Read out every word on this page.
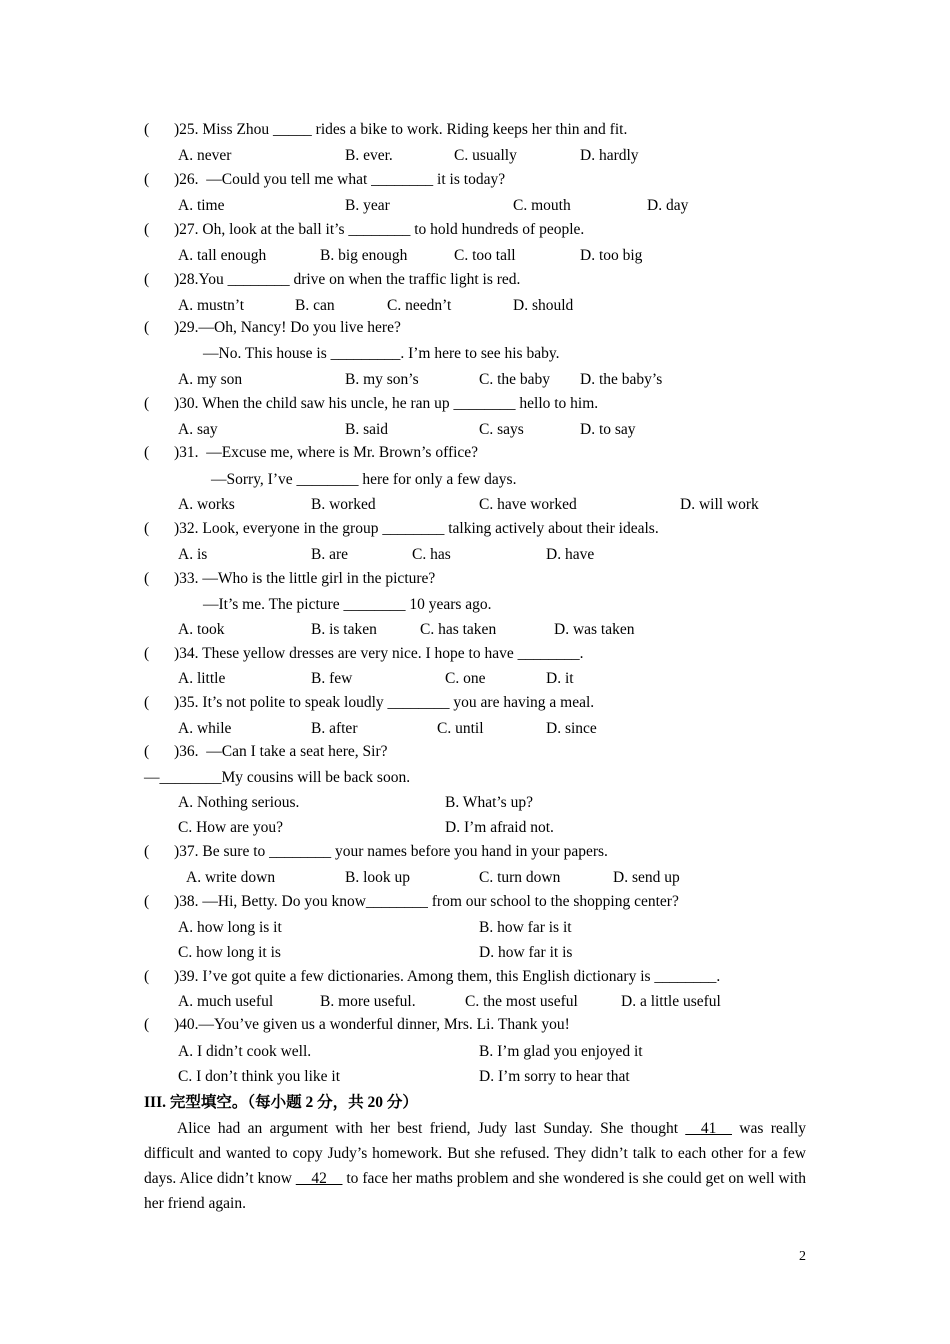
( )25. Miss Zhou _____ rides a bike to work. Riding keeps her thin and fit.
A. never	B. ever.	C. usually	D. hardly
( )26.  —Could you tell me what ________ it is today?
A. time	B. year	C. mouth	D. day
( )27. Oh, look at the ball it’s ________ to hold hundreds of people.
A. tall enough	B. big enough	C. too tall	D. too big
( )28.You ________ drive on when the traffic light is red.
A. mustn’t	B. can	C. needn’t	D. should
( )29.—Oh, Nancy! Do you live here?
—No. This house is _________. I’m here to see his baby.
A. my son	B. my son’s	C. the baby D. the baby’s
( )30. When the child saw his uncle, he ran up ________ hello to him.
A. say	B. said	C. says	D. to say
( )31.  —Excuse me, where is Mr. Brown’s office?
—Sorry, I’ve ________ here for only a few days.
A. works	B. worked	C. have worked	D. will work
( )32. Look, everyone in the group ________ talking actively about their ideals.
A. is	B. are	C. has	D. have
( )33. —Who is the little girl in the picture?
—It’s me. The picture ________ 10 years ago.
A. took	B. is taken	C. has taken	D. was taken
( )34. These yellow dresses are very nice. I hope to have ________.
A. little	B. few	C. one	D. it
( )35. It’s not polite to speak loudly ________ you are having a meal.
A. while	B. after	C. until	D. since
( )36.  —Can I take a seat here, Sir?
—________My cousins will be back soon.
A. Nothing serious.	B. What’s up?
C. How are you?	D. I’m afraid not.
( )37. Be sure to ________ your names before you hand in your papers.
A. write down	B. look up	C. turn down	D. send up
( )38. —Hi, Betty. Do you know________ from our school to the shopping center?
A. how long is it	B. how far is it
C. how long it is	D. how far it is
( )39. I’ve got quite a few dictionaries. Among them, this English dictionary is ________.
A. much useful	B. more useful.	C. the most useful	D. a little useful
( )40.—You’ve given us a wonderful dinner, Mrs. Li. Thank you!
A. I didn’t cook well.	B. I’m glad you enjoyed it
C. I don’t think you like it	D. I’m sorry to hear that
III. 完型填空。（每小题 2 分，共 20 分）
Alice had an argument with her best friend, Judy last Sunday. She thought __41__ was really difficult and wanted to copy Judy’s homework. But she refused. They didn’t talk to each other for a few days. Alice didn’t know __42__ to face her maths problem and she wondered is she could get on well with her friend again.
2
